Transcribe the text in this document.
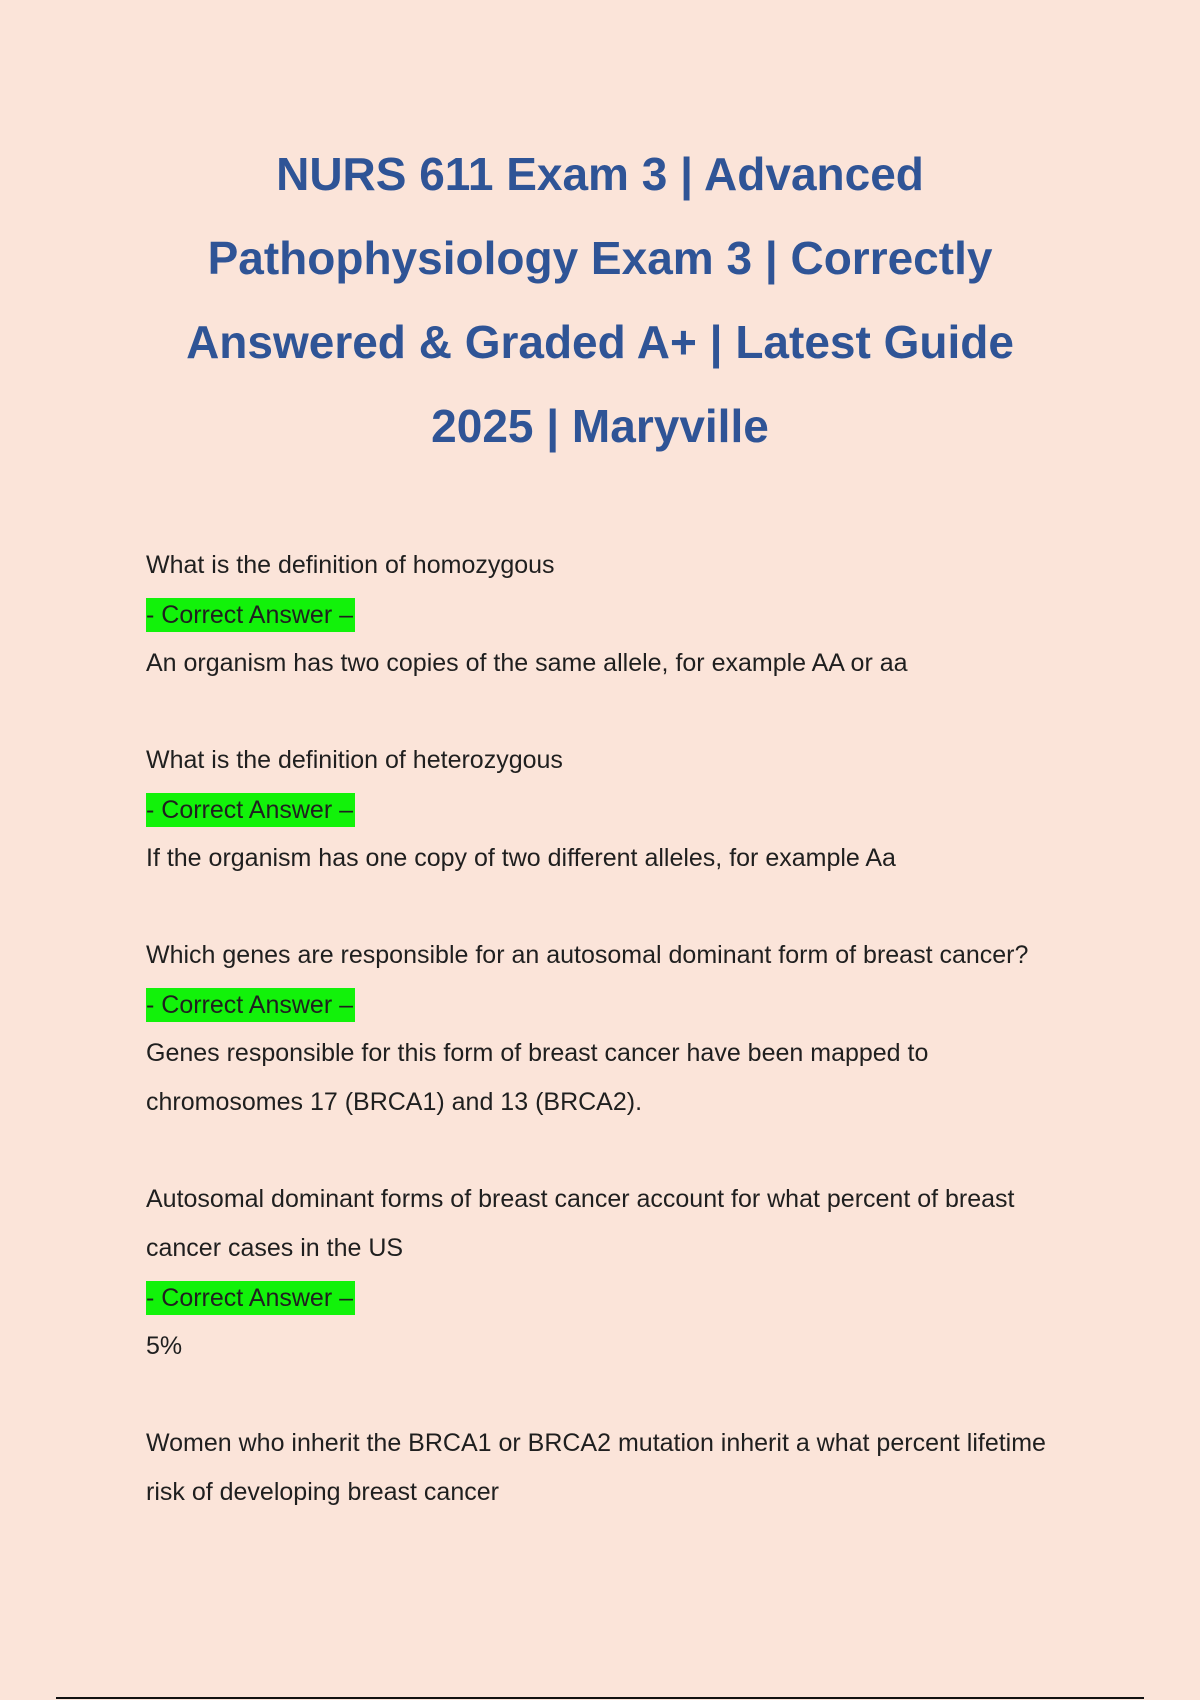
NURS 611 Exam 3 | Advanced Pathophysiology Exam 3 | Correctly Answered & Graded A+ | Latest Guide 2025 | Maryville

What is the definition of homozygous

- Correct Answer –

An organism has two copies of the same allele, for example AA or aa

What is the definition of heterozygous

- Correct Answer –

If the organism has one copy of two different alleles, for example Aa

Which genes are responsible for an autosomal dominant form of breast cancer?

- Correct Answer –

Genes responsible for this form of breast cancer have been mapped to chromosomes 17 (BRCA1) and 13 (BRCA2).

Autosomal dominant forms of breast cancer account for what percent of breast cancer cases in the US

- Correct Answer –

5%

Women who inherit the BRCA1 or BRCA2 mutation inherit a what percent lifetime risk of developing breast cancer
